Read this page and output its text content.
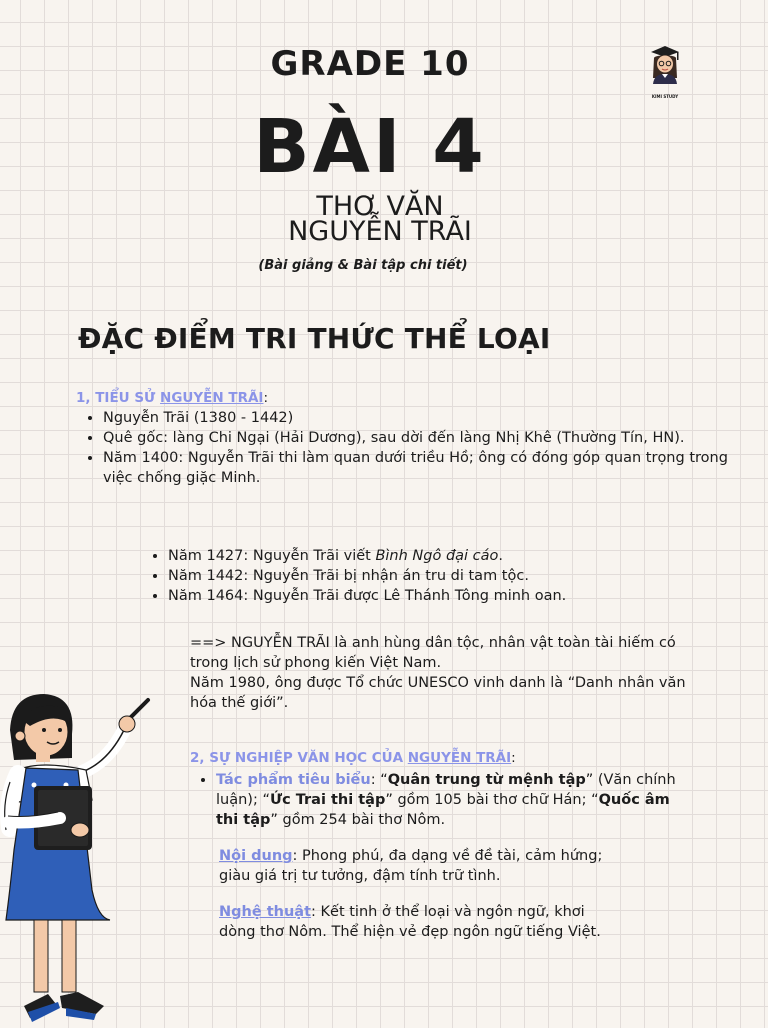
GRADE 10
BÀI 4
THƠ VĂN
NGUYỄN TRÃI
(Bài giảng & Bài tập chi tiết)
KIMI STUDY
ĐẶC ĐIỂM TRI THỨC THỂ LOẠI
1, TIỂU SỬ NGUYỄN TRÃI:
• Nguyễn Trãi (1380 - 1442)
• Quê gốc: làng Chi Ngại (Hải Dương), sau dời đến làng Nhị Khê (Thường Tín, HN).
• Năm 1400: Nguyễn Trãi thi làm quan dưới triều Hồ; ông có đóng góp quan trọng trong việc chống giặc Minh.
• Năm 1427: Nguyễn Trãi viết Bình Ngô đại cáo.
• Năm 1442: Nguyễn Trãi bị nhận án tru di tam tộc.
• Năm 1464: Nguyễn Trãi được Lê Thánh Tông minh oan.
==> NGUYỄN TRÃI là anh hùng dân tộc, nhân vật toàn tài hiếm có trong lịch sử phong kiến Việt Nam.
Năm 1980, ông được Tổ chức UNESCO vinh danh là “Danh nhân văn hóa thế giới”.
2, SỰ NGHIỆP VĂN HỌC CỦA NGUYỄN TRÃI:
• Tác phẩm tiêu biểu: “Quân trung từ mệnh tập” (Văn chính luận); “Ức Trai thi tập” gồm 105 bài thơ chữ Hán; “Quốc âm thi tập” gồm 254 bài thơ Nôm.
Nội dung: Phong phú, đa dạng về đề tài, cảm hứng; giàu giá trị tư tưởng, đậm tính trữ tình.
Nghệ thuật: Kết tinh ở thể loại và ngôn ngữ, khơi dòng thơ Nôm. Thể hiện vẻ đẹp ngôn ngữ tiếng Việt.
